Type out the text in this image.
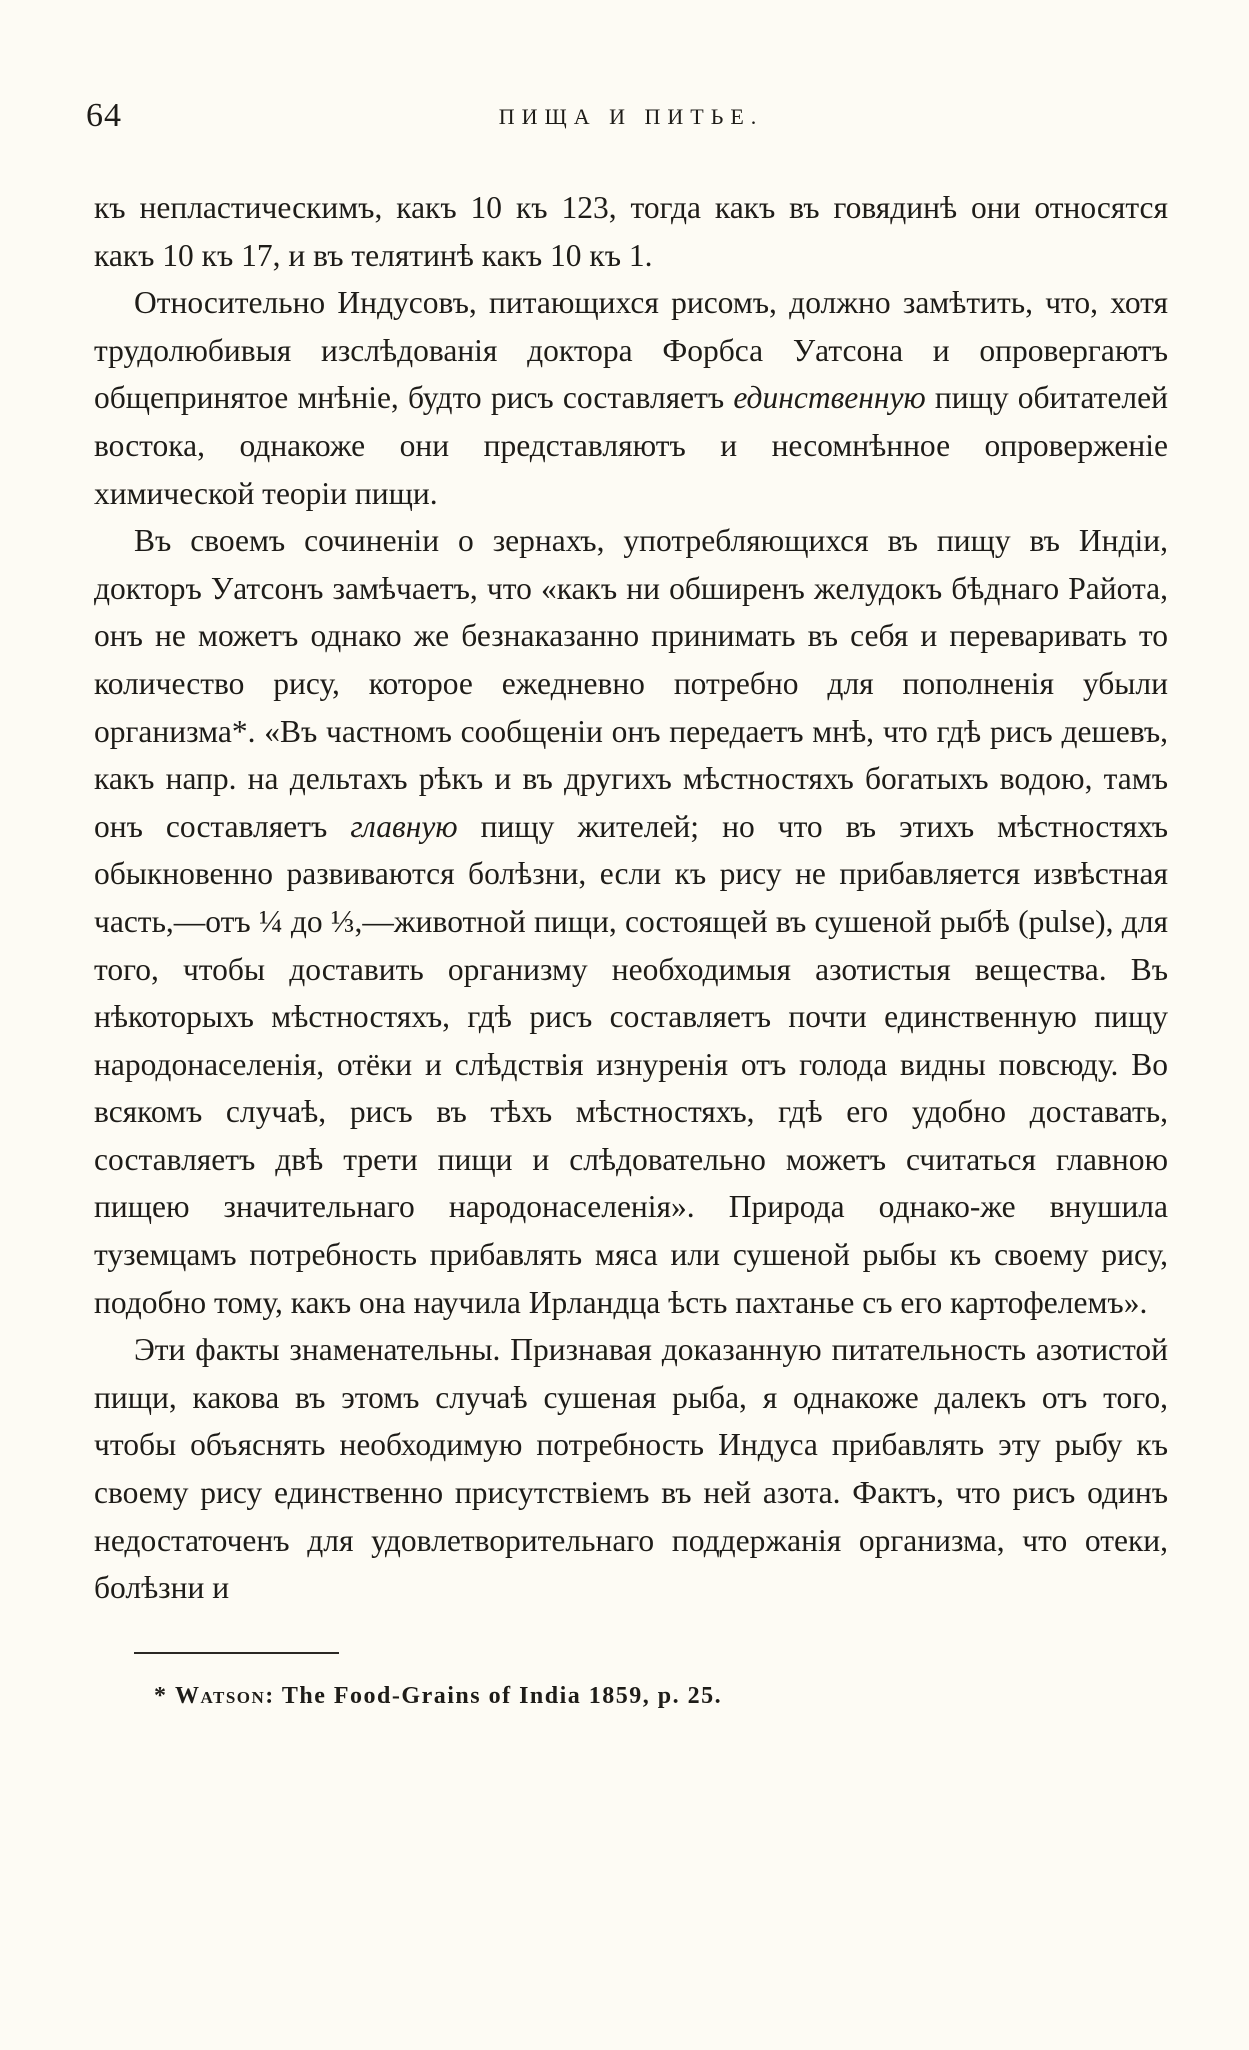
64	ПИЩА И ПИТЬЕ.

къ непластическимъ, какъ 10 къ 123, тогда какъ въ говядинѣ они относятся какъ 10 къ 17, и въ телятинѣ какъ 10 къ 1.

Относительно Индусовъ, питающихся рисомъ, должно замѣтить, что, хотя трудолюбивыя изслѣдованія доктора Форбса Уатсона и опровергаютъ общепринятое мнѣніе, будто рисъ составляетъ единственную пищу обитателей востока, однакоже они представляютъ и несомнѣнное опроверженіе химической теоріи пищи.

Въ своемъ сочиненіи о зернахъ, употребляющихся въ пищу въ Индіи, докторъ Уатсонъ замѣчаетъ, что «какъ ни обширенъ желудокъ бѣднаго Райота, онъ не можетъ однако же безнаказанно принимать въ себя и переваривать то количество рису, которое ежедневно потребно для пополненія убыли организма*. «Въ частномъ сообщеніи онъ передаетъ мнѣ, что гдѣ рисъ дешевъ, какъ напр. на дельтахъ рѣкъ и въ другихъ мѣстностяхъ богатыхъ водою, тамъ онъ составляетъ главную пищу жителей; но что въ этихъ мѣстностяхъ обыкновенно развиваются болѣзни, если къ рису не прибавляется извѣстная часть,—отъ ¼ до ⅓,—животной пищи, состоящей въ сушеной рыбѣ (pulse), для того, чтобы доставить организму необходимыя азотистыя вещества. Въ нѣкоторыхъ мѣстностяхъ, гдѣ рисъ составляетъ почти единственную пищу народонаселенія, отёки и слѣдствія изнуренія отъ голода видны повсюду. Во всякомъ случаѣ, рисъ въ тѣхъ мѣстностяхъ, гдѣ его удобно доставать, составляетъ двѣ трети пищи и слѣдовательно можетъ считаться главною пищею значительнаго народонаселенія». Природа однако-же внушила туземцамъ потребность прибавлять мяса или сушеной рыбы къ своему рису, подобно тому, какъ она научила Ирландца ѣсть пахтанье съ его картофелемъ».

Эти факты знаменательны. Признавая доказанную питательность азотистой пищи, какова въ этомъ случаѣ сушеная рыба, я однакоже далекъ отъ того, чтобы объяснять необходимую потребность Индуса прибавлять эту рыбу къ своему рису единственно присутствіемъ въ ней азота. Фактъ, что рисъ одинъ недостаточенъ для удовлетворительнаго поддержанія организма, что отеки, болѣзни и

* Watson: The Food-Grains of India 1859, p. 25.
